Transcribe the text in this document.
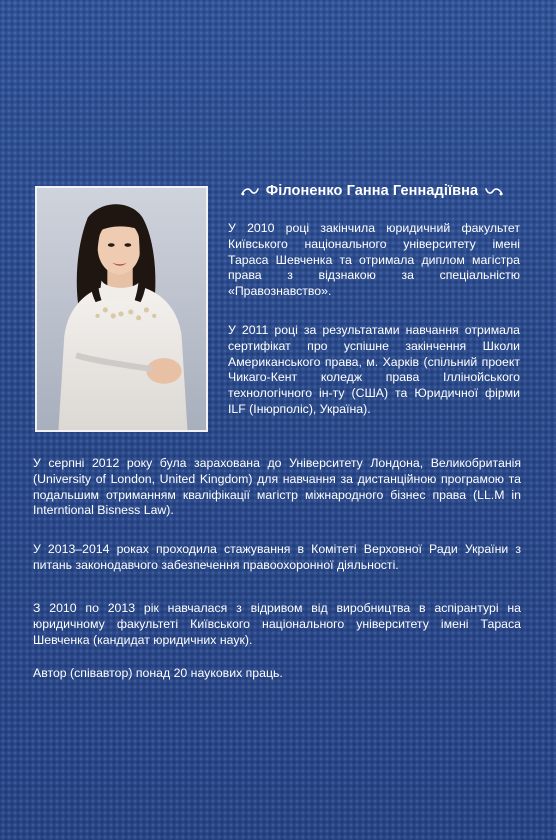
Філоненко Ганна Геннадіївна

У 2010 році закінчила юридичний факультет Київського національного університету імені Тараса Шевченка та отримала диплом магістра права з відзнакою за спеціальністю «Правознавство».

У 2011 році за результатами навчання отримала сертифікат про успішне закінчення Школи Американського права, м. Харків (спільний проект Чикаго-Кент коледж права Іллінойського технологічного ін-ту (США) та Юридичної фірми ILF (Інюрполіс), Україна).

У серпні 2012 року була зарахована до Університету Лондона, Великобританія (University of London, United Kingdom) для навчання за дистанційною програмою та подальшим отриманням кваліфікації магістр міжнародного бізнес права (LL.M in Interntional Bisness Law).

У 2013–2014 роках проходила стажування в Комітеті Верховної Ради України з питань законодавчого забезпечення правоохоронної діяльності.

З 2010 по 2013 рік навчалася з відривом від виробництва в аспірантурі на юридичному факультеті Київського національного університету імені Тараса Шевченка (кандидат юридичних наук).

Автор (співавтор) понад 20 наукових праць.
